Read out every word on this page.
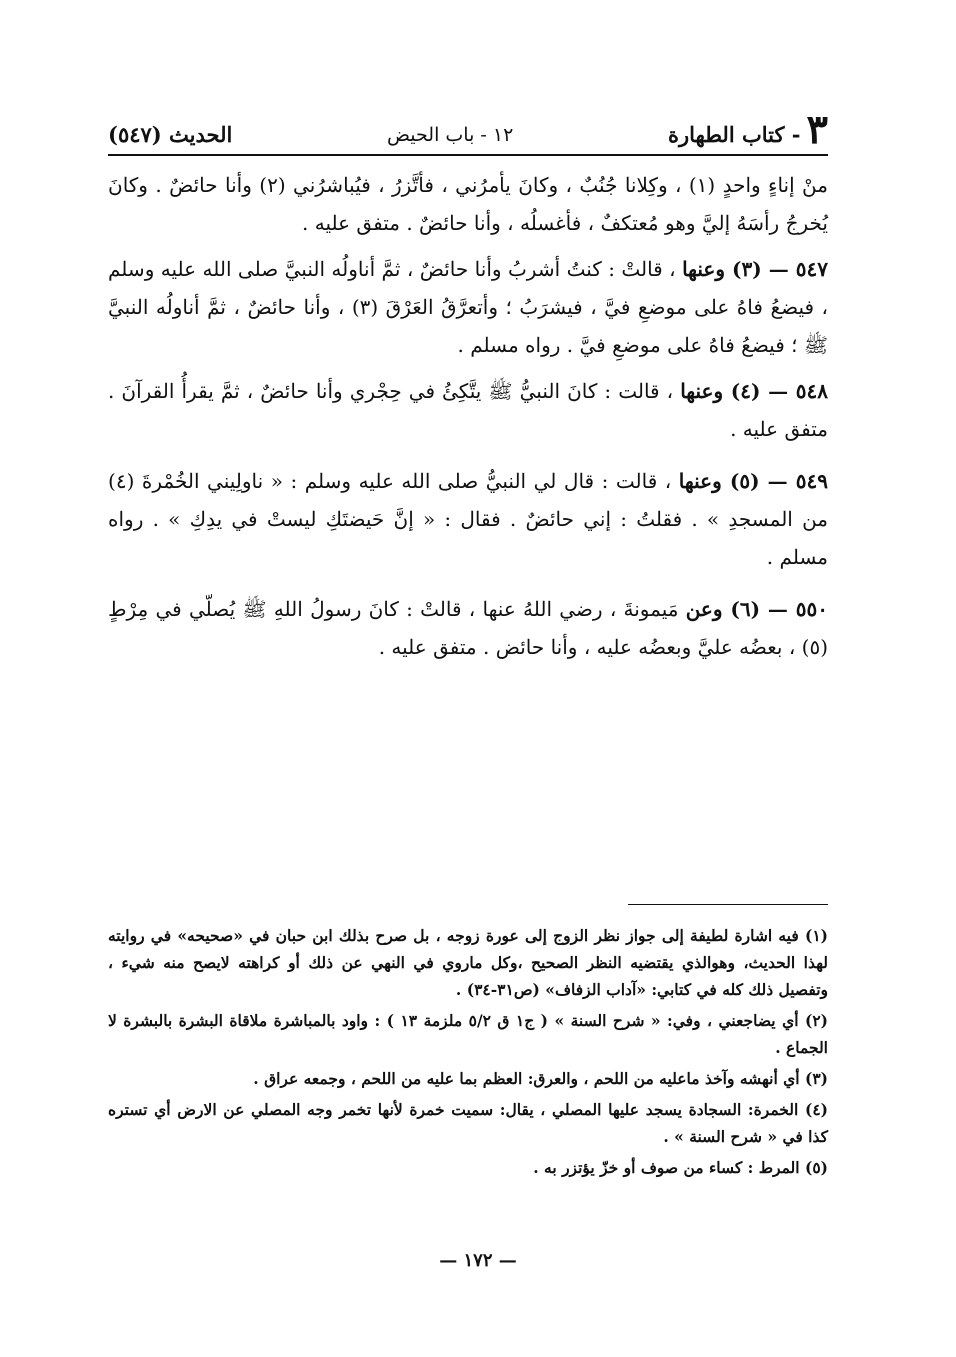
٣
- كتاب الطهارة
١٢ - باب الحيض
الحديث (٥٤٧)

منْ إناءٍ واحدٍ (١) ، وكِلانا جُنُبٌ ، وكانَ يأمرُني ، فأتَّزرُ ، فيُباشرُني (٢) وأنا حائضٌ . وكانَ يُخرجُ رأسَهُ إليَّ وهو مُعتكفٌ ، فأغسلُه ، وأنا حائضٌ . متفق عليه .

٥٤٧ — (٣) وعنها ، قالتْ : كنتُ أشربُ وأنا حائضٌ ، ثمَّ أناولُه النبيَّ صلى الله عليه وسلم ، فيضعُ فاهُ على موضعِ فيَّ ، فيشرَبُ ؛ وأتعرَّقُ العَرْقَ (٣) ، وأنا حائضٌ ، ثمَّ أناولُه النبيَّ ﷺ ؛ فيضعُ فاهُ على موضعِ فيَّ . رواه مسلم .

٥٤٨ — (٤) وعنها ، قالت : كانَ النبيُّ ﷺ يتَّكِئُ في حِجْري وأنا حائضٌ ، ثمَّ يقرأُ القرآنَ . متفق عليه .

٥٤٩ — (٥) وعنها ، قالت : قال لي النبيُّ صلى الله عليه وسلم : « ناولِيني الخُمْرةَ (٤) من المسجدِ » . فقلتُ : إني حائضٌ . فقال : « إنَّ حَيضتَكِ ليستْ في يدِكِ » . رواه مسلم .

٥٥٠ — (٦) وعن مَيمونةَ ، رضي اللهُ عنها ، قالتْ : كانَ رسولُ اللهِ ﷺ يُصلّي في مِرْطٍ (٥) ، بعضُه عليَّ وبعضُه عليه ، وأنا حائض . متفق عليه .

(١) فيه اشارة لطيفة إلى جواز نظر الزوج إلى عورة زوجه ، بل صرح بذلك ابن حبان في «صحيحه» في روايته لهذا الحديث، وهوالذي يقتضيه النظر الصحيح ،وكل ماروي في النهي عن ذلك أو كراهته لايصح منه شيء ، وتفصيل ذلك كله في كتابي: «آداب الزفاف» (ص٣١-٣٤) .

(٢) أي يضاجعني ، وفي: « شرح السنة » ( ج١ ق ٥/٢ ملزمة ١٣ ) : واود بالمباشرة ملاقاة البشرة بالبشرة لا الجماع .

(٣) أي أنهشه وآخذ ماعليه من اللحم ، والعرق: العظم بما عليه من اللحم ، وجمعه عراق .

(٤) الخمرة: السجادة يسجد عليها المصلي ، يقال: سميت خمرة لأنها تخمر وجه المصلي عن الارض أي تستره كذا في « شرح السنة » .

(٥) المرط : كساء من صوف أو خزّ يؤتزر به .

— ١٧٢ —
